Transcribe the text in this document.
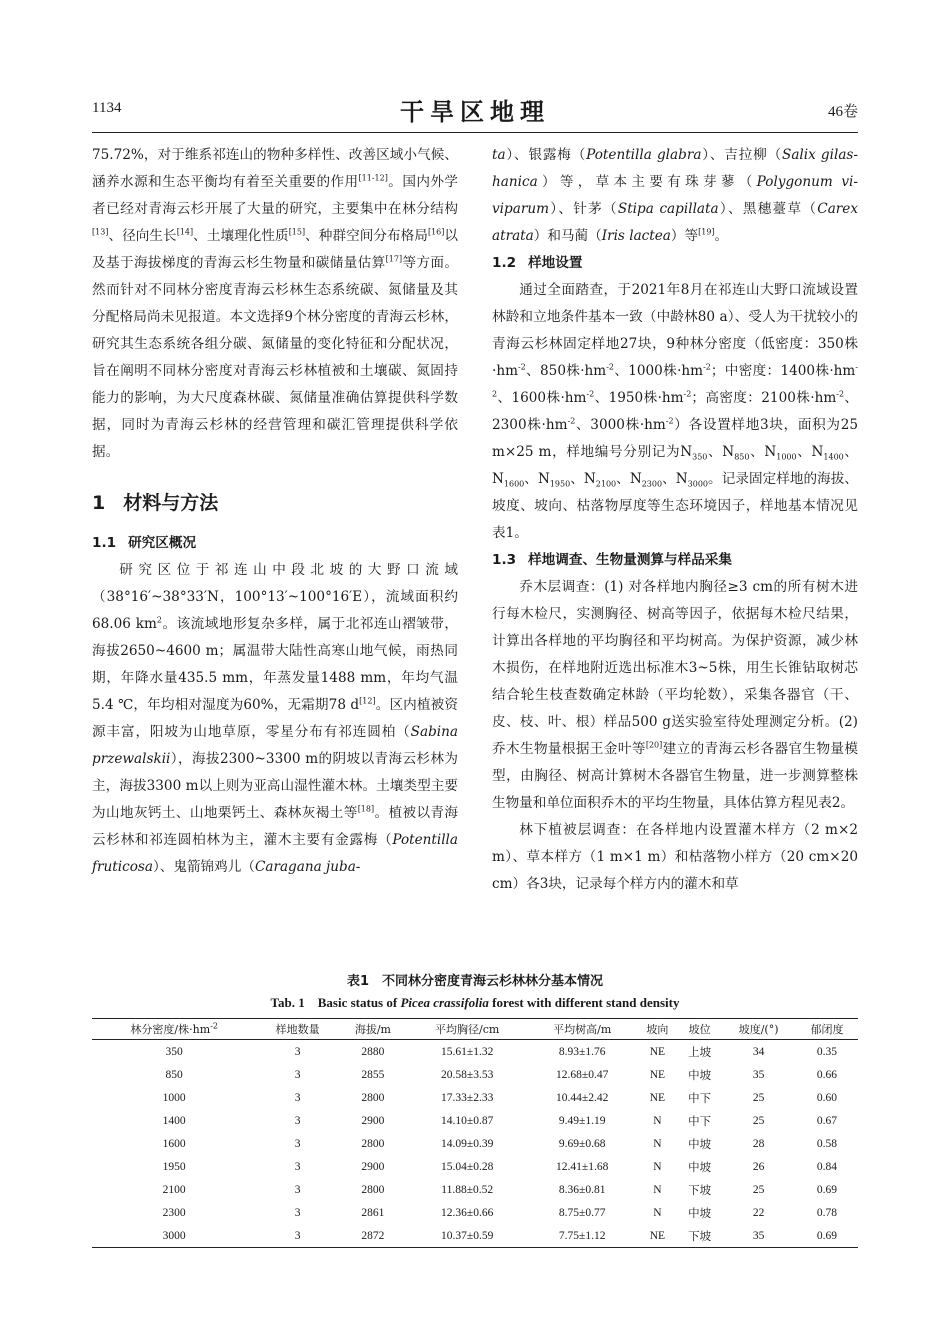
1134	干旱区地理	46卷

75.72%，对于维系祁连山的物种多样性、改善区域小气候、涵养水源和生态平衡均有着至关重要的作用[11-12]。国内外学者已经对青海云杉开展了大量的研究，主要集中在林分结构[13]、径向生长[14]、土壤理化性质[15]、种群空间分布格局[16]以及基于海拔梯度的青海云杉生物量和碳储量估算[17]等方面。然而针对不同林分密度青海云杉林生态系统碳、氮储量及其分配格局尚未见报道。本文选择9个林分密度的青海云杉林，研究其生态系统各组分碳、氮储量的变化特征和分配状况，旨在阐明不同林分密度对青海云杉林植被和土壤碳、氮固持能力的影响，为大尺度森林碳、氮储量准确估算提供科学数据，同时为青海云杉林的经营管理和碳汇管理提供科学依据。

1 材料与方法

1.1 研究区概况

研究区位于祁连山中段北坡的大野口流域（38°16′~38°33′N，100°13′~100°16′E），流域面积约68.06 $km^2$。该流域地形复杂多样，属于北祁连山褶皱带，海拔2650~4600 m；属温带大陆性高寒山地气候，雨热同期，年降水量435.5 mm，年蒸发量1488 mm，年均气温5.4 ℃，年均相对湿度为60%，无霜期78 d[12]。区内植被资源丰富，阳坡为山地草原，零星分布有祁连圆柏（Sabina przewalskii），海拔2300~3300 m的阴坡以青海云杉林为主，海拔3300 m以上则为亚高山湿性灌木林。土壤类型主要为山地灰钙土、山地栗钙土、森林灰褐土等[18]。植被以青海云杉林和祁连圆柏林为主，灌木主要有金露梅（Potentilla fruticosa）、鬼箭锦鸡儿（Caragana juba-

ta）、银露梅（Potentilla glabra）、吉拉柳（Salix gilas-hanica）等，草本主要有珠芽蓼（Polygonum vi-viparum）、针茅（Stipa capillata）、黑穗薹草（Carex atrata）和马蔺（Iris lactea）等[19]。

1.2 样地设置

通过全面踏查，于2021年8月在祁连山大野口流域设置林龄和立地条件基本一致（中龄林80 a）、受人为干扰较小的青海云杉林固定样地27块，9种林分密度（低密度：350株$\cdot hm^{-2}$、850株$\cdot hm^{-2}$、1000株$\cdot hm^{-2}$；中密度：1400株$\cdot hm^{-2}$、1600株$\cdot hm^{-2}$、1950株$\cdot hm^{-2}$；高密度：2100株$\cdot hm^{-2}$、2300株$\cdot hm^{-2}$、3000株$\cdot hm^{-2}$）各设置样地3块，面积为25 m×25 m，样地编号分别记为$N_{350}$、$N_{850}$、$N_{1000}$、$N_{1400}$、$N_{1600}$、$N_{1950}$、$N_{2100}$、$N_{2300}$、$N_{3000}$。记录固定样地的海拔、坡度、坡向、枯落物厚度等生态环境因子，样地基本情况见表1。

1.3 样地调查、生物量测算与样品采集

乔木层调查：(1) 对各样地内胸径≥3 cm的所有树木进行每木检尺，实测胸径、树高等因子，依据每木检尺结果，计算出各样地的平均胸径和平均树高。为保护资源，减少林木损伤，在样地附近选出标准木3~5株，用生长锥钻取树芯结合轮生枝查数确定林龄（平均轮数），采集各器官（干、皮、枝、叶、根）样品500 g送实验室待处理测定分析。(2) 乔木生物量根据王金叶等[20]建立的青海云杉各器官生物量模型，由胸径、树高计算树木各器官生物量，进一步测算整株生物量和单位面积乔木的平均生物量，具体估算方程见表2。

林下植被层调查：在各样地内设置灌木样方（2 m×2 m）、草本样方（1 m×1 m）和枯落物小样方（20 cm×20 cm）各3块，记录每个样方内的灌木和草

表1　不同林分密度青海云杉林林分基本情况
Tab. 1　Basic status of Picea crassifolia forest with different stand density
林分密度/株$\cdot hm^{-2}$	样地数量	海拔/m	平均胸径/cm	平均树高/m	坡向	坡位	坡度/(°)	郁闭度
350	3	2880	15.61±1.32	8.93±1.76	NE	上坡	34	0.35
850	3	2855	20.58±3.53	12.68±0.47	NE	中坡	35	0.66
1000	3	2800	17.33±2.33	10.44±2.42	NE	中下	25	0.60
1400	3	2900	14.10±0.87	9.49±1.19	N	中下	25	0.67
1600	3	2800	14.09±0.39	9.69±0.68	N	中坡	28	0.58
1950	3	2900	15.04±0.28	12.41±1.68	N	中坡	26	0.84
2100	3	2800	11.88±0.52	8.36±0.81	N	下坡	25	0.69
2300	3	2861	12.36±0.66	8.75±0.77	N	中坡	22	0.78
3000	3	2872	10.37±0.59	7.75±1.12	NE	下坡	35	0.69
